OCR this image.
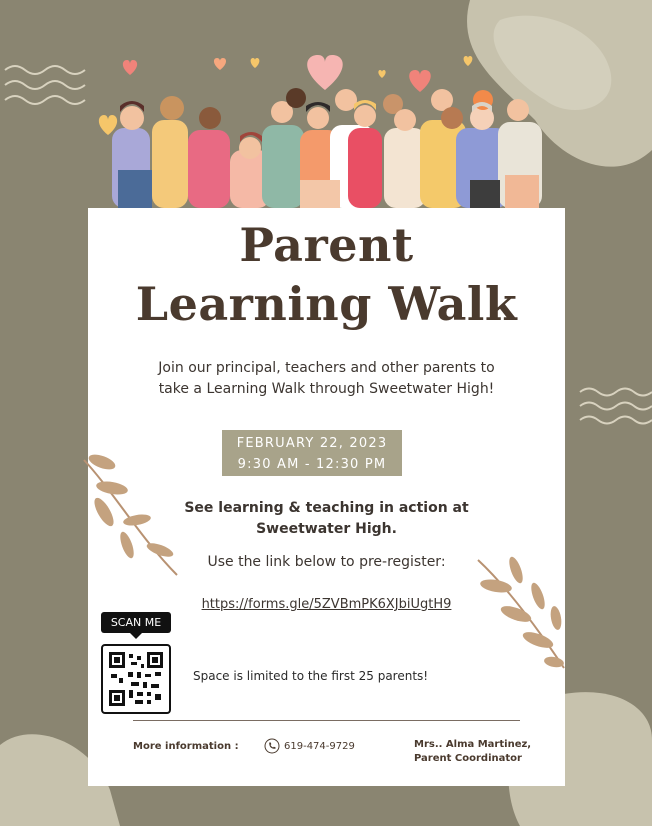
Parent
Learning Walk
Join our principal, teachers and other parents to take a Learning Walk through Sweetwater High!
FEBRUARY 22, 2023
9:30 AM - 12:30 PM
See learning & teaching in action at Sweetwater High.
Use the link below to pre-register:
https://forms.gle/5ZVBmPK6XJbiUgtH9
SCAN ME
Space is limited to the first 25 parents!
More information :	619-474-9729	Mrs.. Alma Martinez,
Parent Coordinator
